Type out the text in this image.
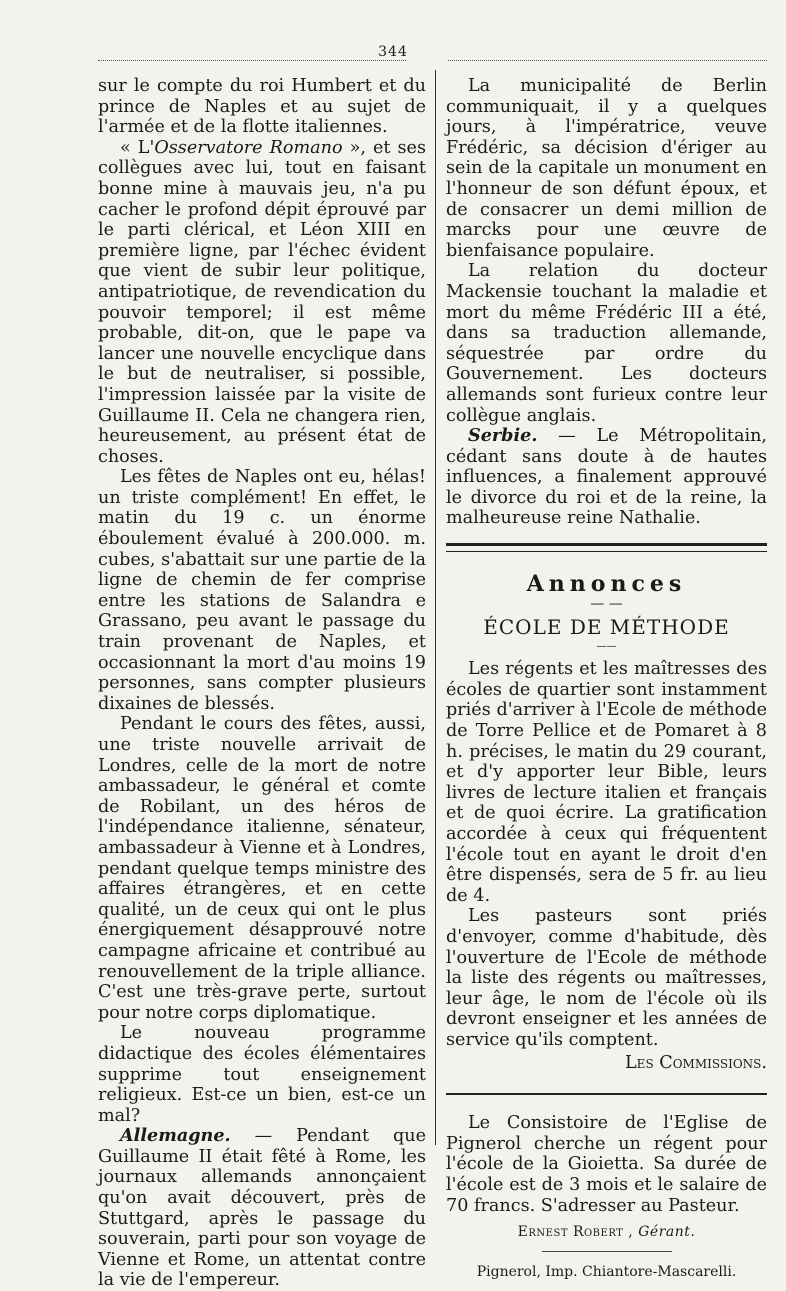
344

sur le compte du roi Humbert et du prince de Naples et au sujet de l'armée et de la flotte italiennes.

« L'Osservatore Romano », et ses collègues avec lui, tout en faisant bonne mine à mauvais jeu, n'a pu cacher le profond dépit éprouvé par le parti clérical, et Léon XIII en première ligne, par l'échec évident que vient de subir leur politique, antipatriotique, de revendication du pouvoir temporel; il est même probable, dit-on, que le pape va lancer une nouvelle encyclique dans le but de neutraliser, si possible, l'impression laissée par la visite de Guillaume II. Cela ne changera rien, heureusement, au présent état de choses.

Les fêtes de Naples ont eu, hélas! un triste complément! En effet, le matin du 19 c. un énorme éboulement évalué à 200.000. m. cubes, s'abattait sur une partie de la ligne de chemin de fer comprise entre les stations de Salandra e Grassano, peu avant le passage du train provenant de Naples, et occasionnant la mort d'au moins 19 personnes, sans compter plusieurs dixaines de blessés.

Pendant le cours des fêtes, aussi, une triste nouvelle arrivait de Londres, celle de la mort de notre ambassadeur, le général et comte de Robilant, un des héros de l'indépendance italienne, sénateur, ambassadeur à Vienne et à Londres, pendant quelque temps ministre des affaires étrangères, et en cette qualité, un de ceux qui ont le plus énergiquement désapprouvé notre campagne africaine et contribué au renouvellement de la triple alliance. C'est une très-grave perte, surtout pour notre corps diplomatique.

Le nouveau programme didactique des écoles élémentaires supprime tout enseignement religieux. Est-ce un bien, est-ce un mal?

Allemagne. — Pendant que Guillaume II était fêté à Rome, les journaux allemands annonçaient qu'on avait découvert, près de Stuttgard, après le passage du souverain, parti pour son voyage de Vienne et Rome, un attentat contre la vie de l'empereur.

La municipalité de Berlin communiquait, il y a quelques jours, à l'impératrice, veuve Frédéric, sa décision d'ériger au sein de la capitale un monument en l'honneur de son défunt époux, et de consacrer un demi million de marcks pour une œuvre de bienfaisance populaire.

La relation du docteur Mackensie touchant la maladie et mort du même Frédéric III a été, dans sa traduction allemande, séquestrée par ordre du Gouvernement. Les docteurs allemands sont furieux contre leur collègue anglais.

Serbie. — Le Métropolitain, cédant sans doute à de hautes influences, a finalement approuvé le divorce du roi et de la reine, la malheureuse reine Nathalie.

Annonces
— —
ÉCOLE DE MÉTHODE
——

Les régents et les maîtresses des écoles de quartier sont instamment priés d'arriver à l'Ecole de méthode de Torre Pellice et de Pomaret à 8 h. précises, le matin du 29 courant, et d'y apporter leur Bible, leurs livres de lecture italien et français et de quoi écrire. La gratification accordée à ceux qui fréquentent l'école tout en ayant le droit d'en être dispensés, sera de 5 fr. au lieu de 4.

Les pasteurs sont priés d'envoyer, comme d'habitude, dès l'ouverture de l'Ecole de méthode la liste des régents ou maîtresses, leur âge, le nom de l'école où ils devront enseigner et les années de service qu'ils comptent.

Les Commissions.

Le Consistoire de l'Eglise de Pignerol cherche un régent pour l'école de la Gioietta. Sa durée de l'école est de 3 mois et le salaire de 70 francs. S'adresser au Pasteur.

Ernest Robert , Gérant.
Pignerol, Imp. Chiantore-Mascarelli.
